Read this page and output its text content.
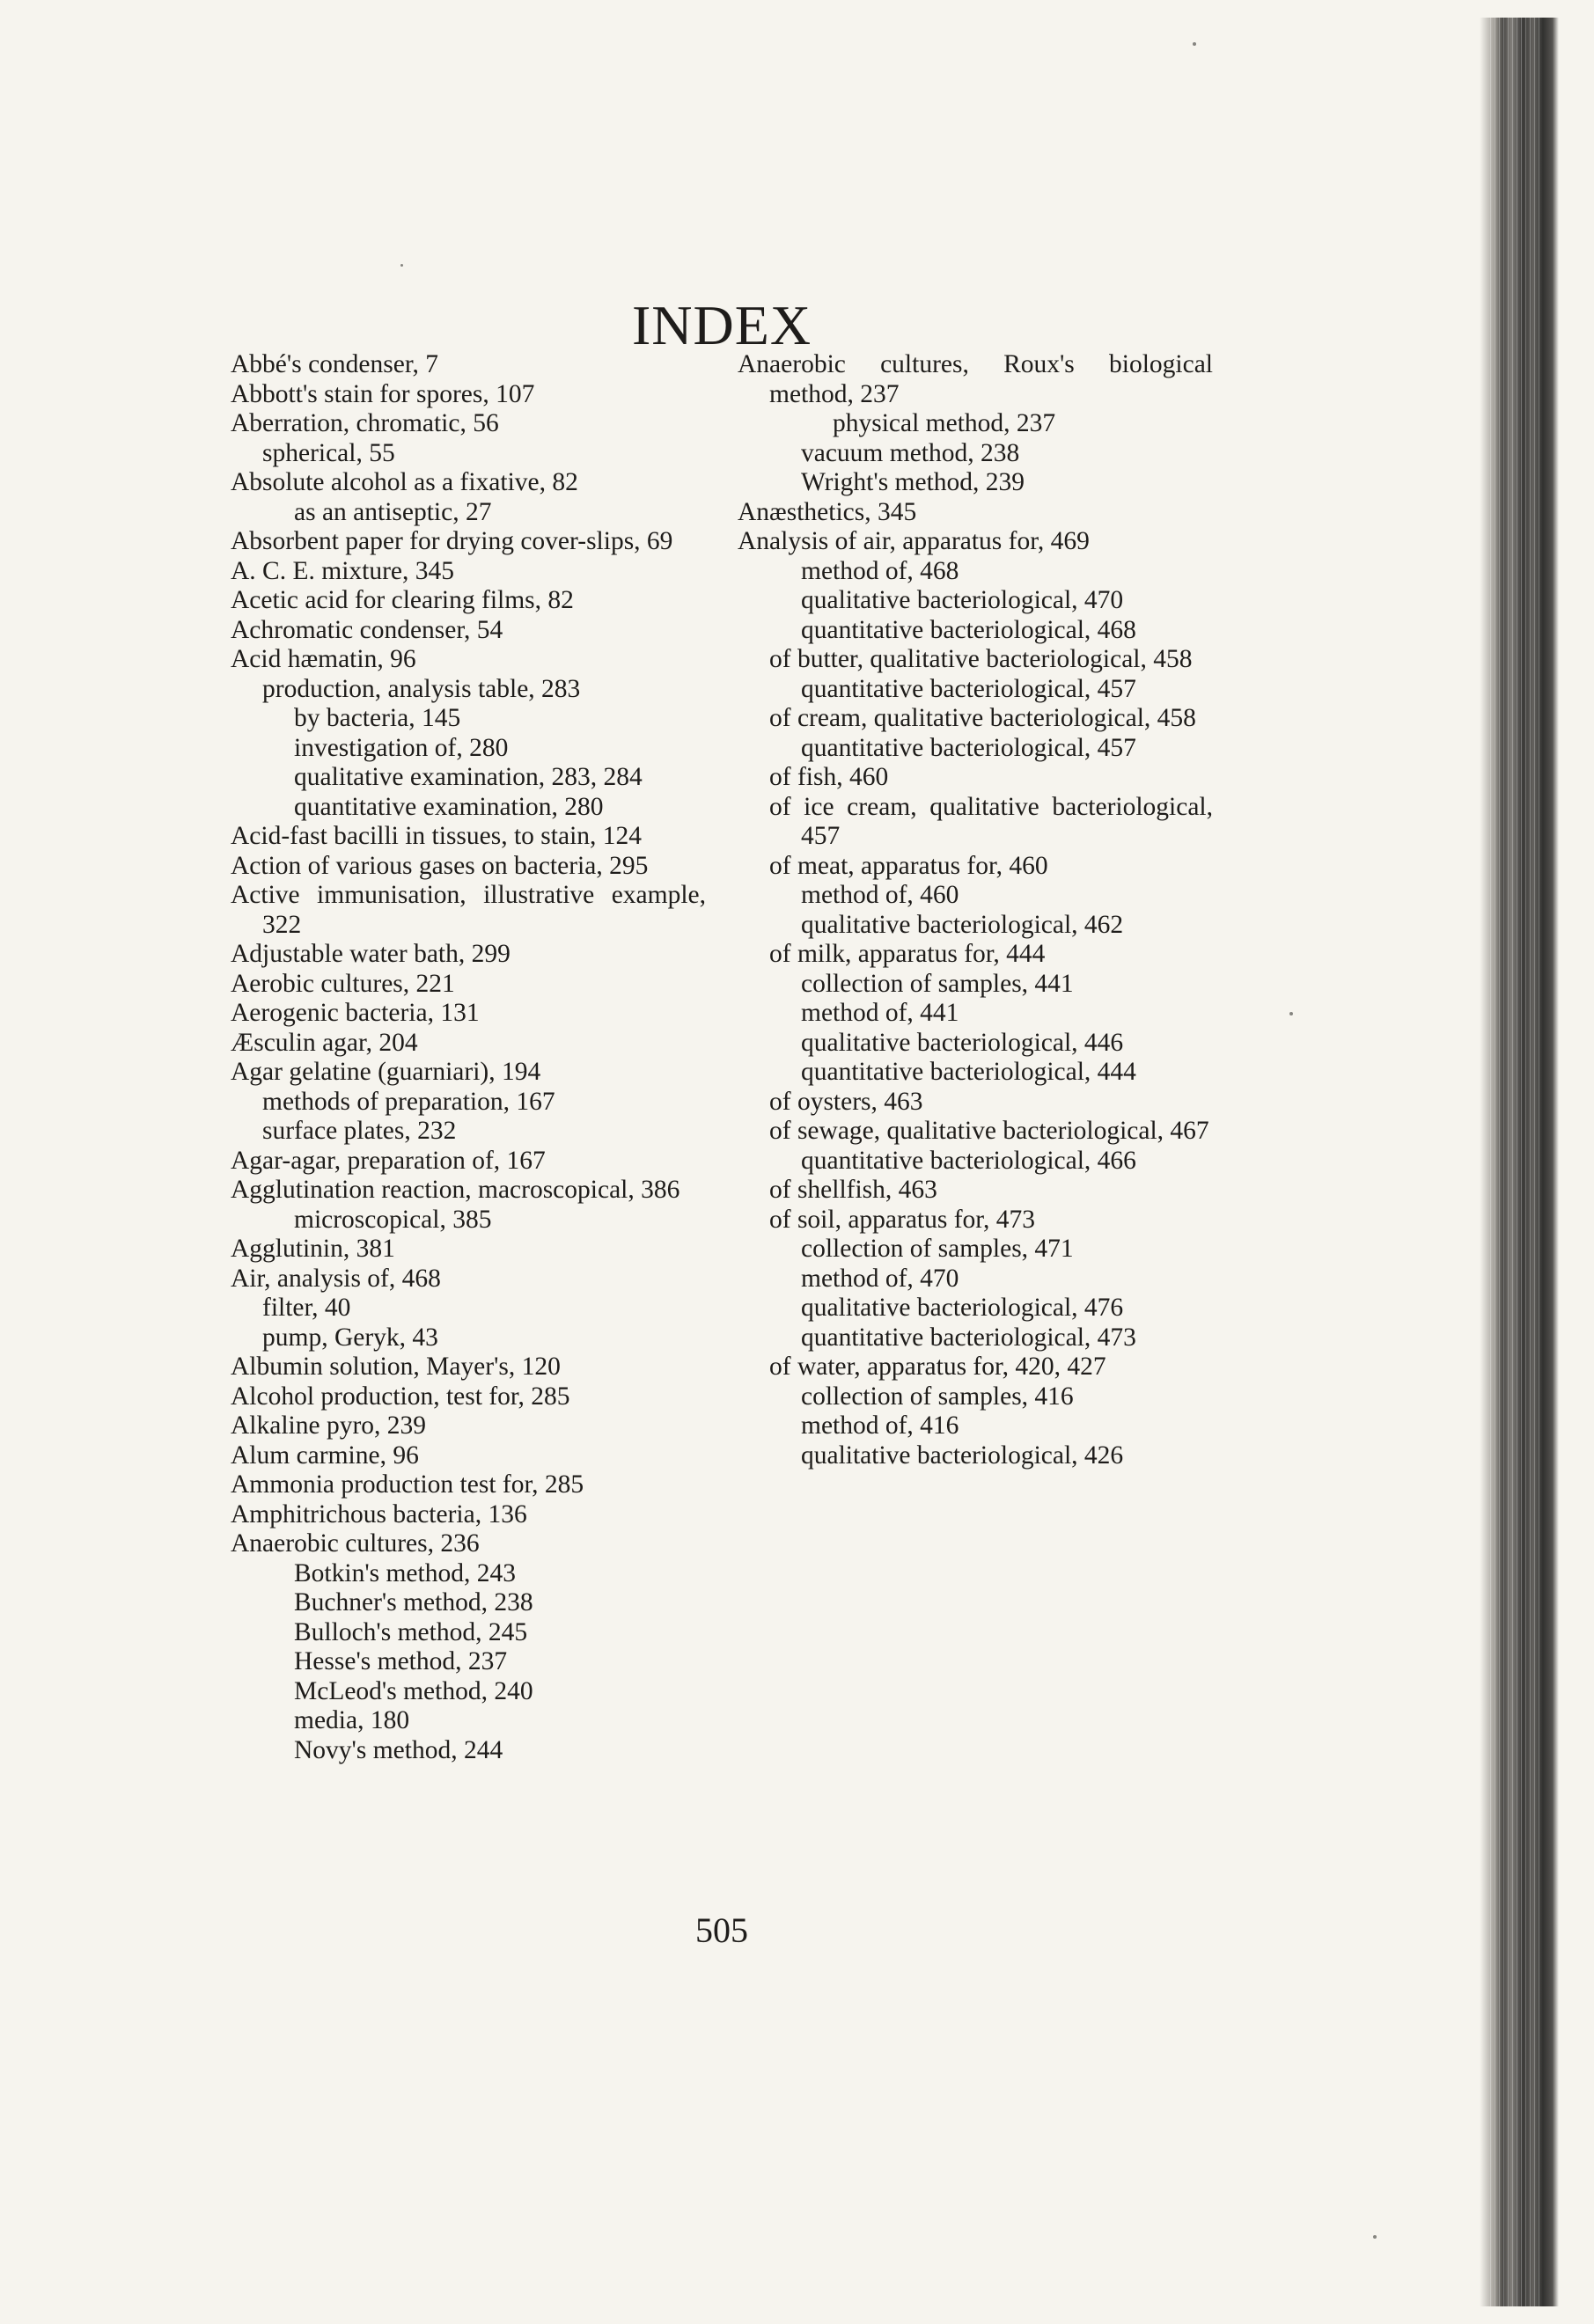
INDEX
Abbé's condenser, 7
Abbott's stain for spores, 107
Aberration, chromatic, 56
spherical, 55
Absolute alcohol as a fixative, 82
as an antiseptic, 27
Absorbent paper for drying cover-slips, 69
A. C. E. mixture, 345
Acetic acid for clearing films, 82
Achromatic condenser, 54
Acid hæmatin, 96
production, analysis table, 283
by bacteria, 145
investigation of, 280
qualitative examination, 283, 284
quantitative examination, 280
Acid-fast bacilli in tissues, to stain, 124
Action of various gases on bacteria, 295
Active immunisation, illustrative example, 322
Adjustable water bath, 299
Aerobic cultures, 221
Aerogenic bacteria, 131
Æsculin agar, 204
Agar gelatine (guarniari), 194
methods of preparation, 167
surface plates, 232
Agar-agar, preparation of, 167
Agglutination reaction, macroscopical, 386
microscopical, 385
Agglutinin, 381
Air, analysis of, 468
filter, 40
pump, Geryk, 43
Albumin solution, Mayer's, 120
Alcohol production, test for, 285
Alkaline pyro, 239
Alum carmine, 96
Ammonia production test for, 285
Amphitrichous bacteria, 136
Anaerobic cultures, 236
Botkin's method, 243
Buchner's method, 238
Bulloch's method, 245
Hesse's method, 237
McLeod's method, 240
media, 180
Novy's method, 244
Anaerobic cultures, Roux's biological method, 237
physical method, 237
vacuum method, 238
Wright's method, 239
Anæsthetics, 345
Analysis of air, apparatus for, 469
method of, 468
qualitative bacteriological, 470
quantitative bacteriological, 468
of butter, qualitative bacteriological, 458
quantitative bacteriological, 457
of cream, qualitative bacteriological, 458
quantitative bacteriological, 457
of fish, 460
of ice cream, qualitative bacteriological, 457
of meat, apparatus for, 460
method of, 460
qualitative bacteriological, 462
of milk, apparatus for, 444
collection of samples, 441
method of, 441
qualitative bacteriological, 446
quantitative bacteriological, 444
of oysters, 463
of sewage, qualitative bacteriological, 467
quantitative bacteriological, 466
of shellfish, 463
of soil, apparatus for, 473
collection of samples, 471
method of, 470
qualitative bacteriological, 476
quantitative bacteriological, 473
of water, apparatus for, 420, 427
collection of samples, 416
method of, 416
qualitative bacteriological, 426
505
